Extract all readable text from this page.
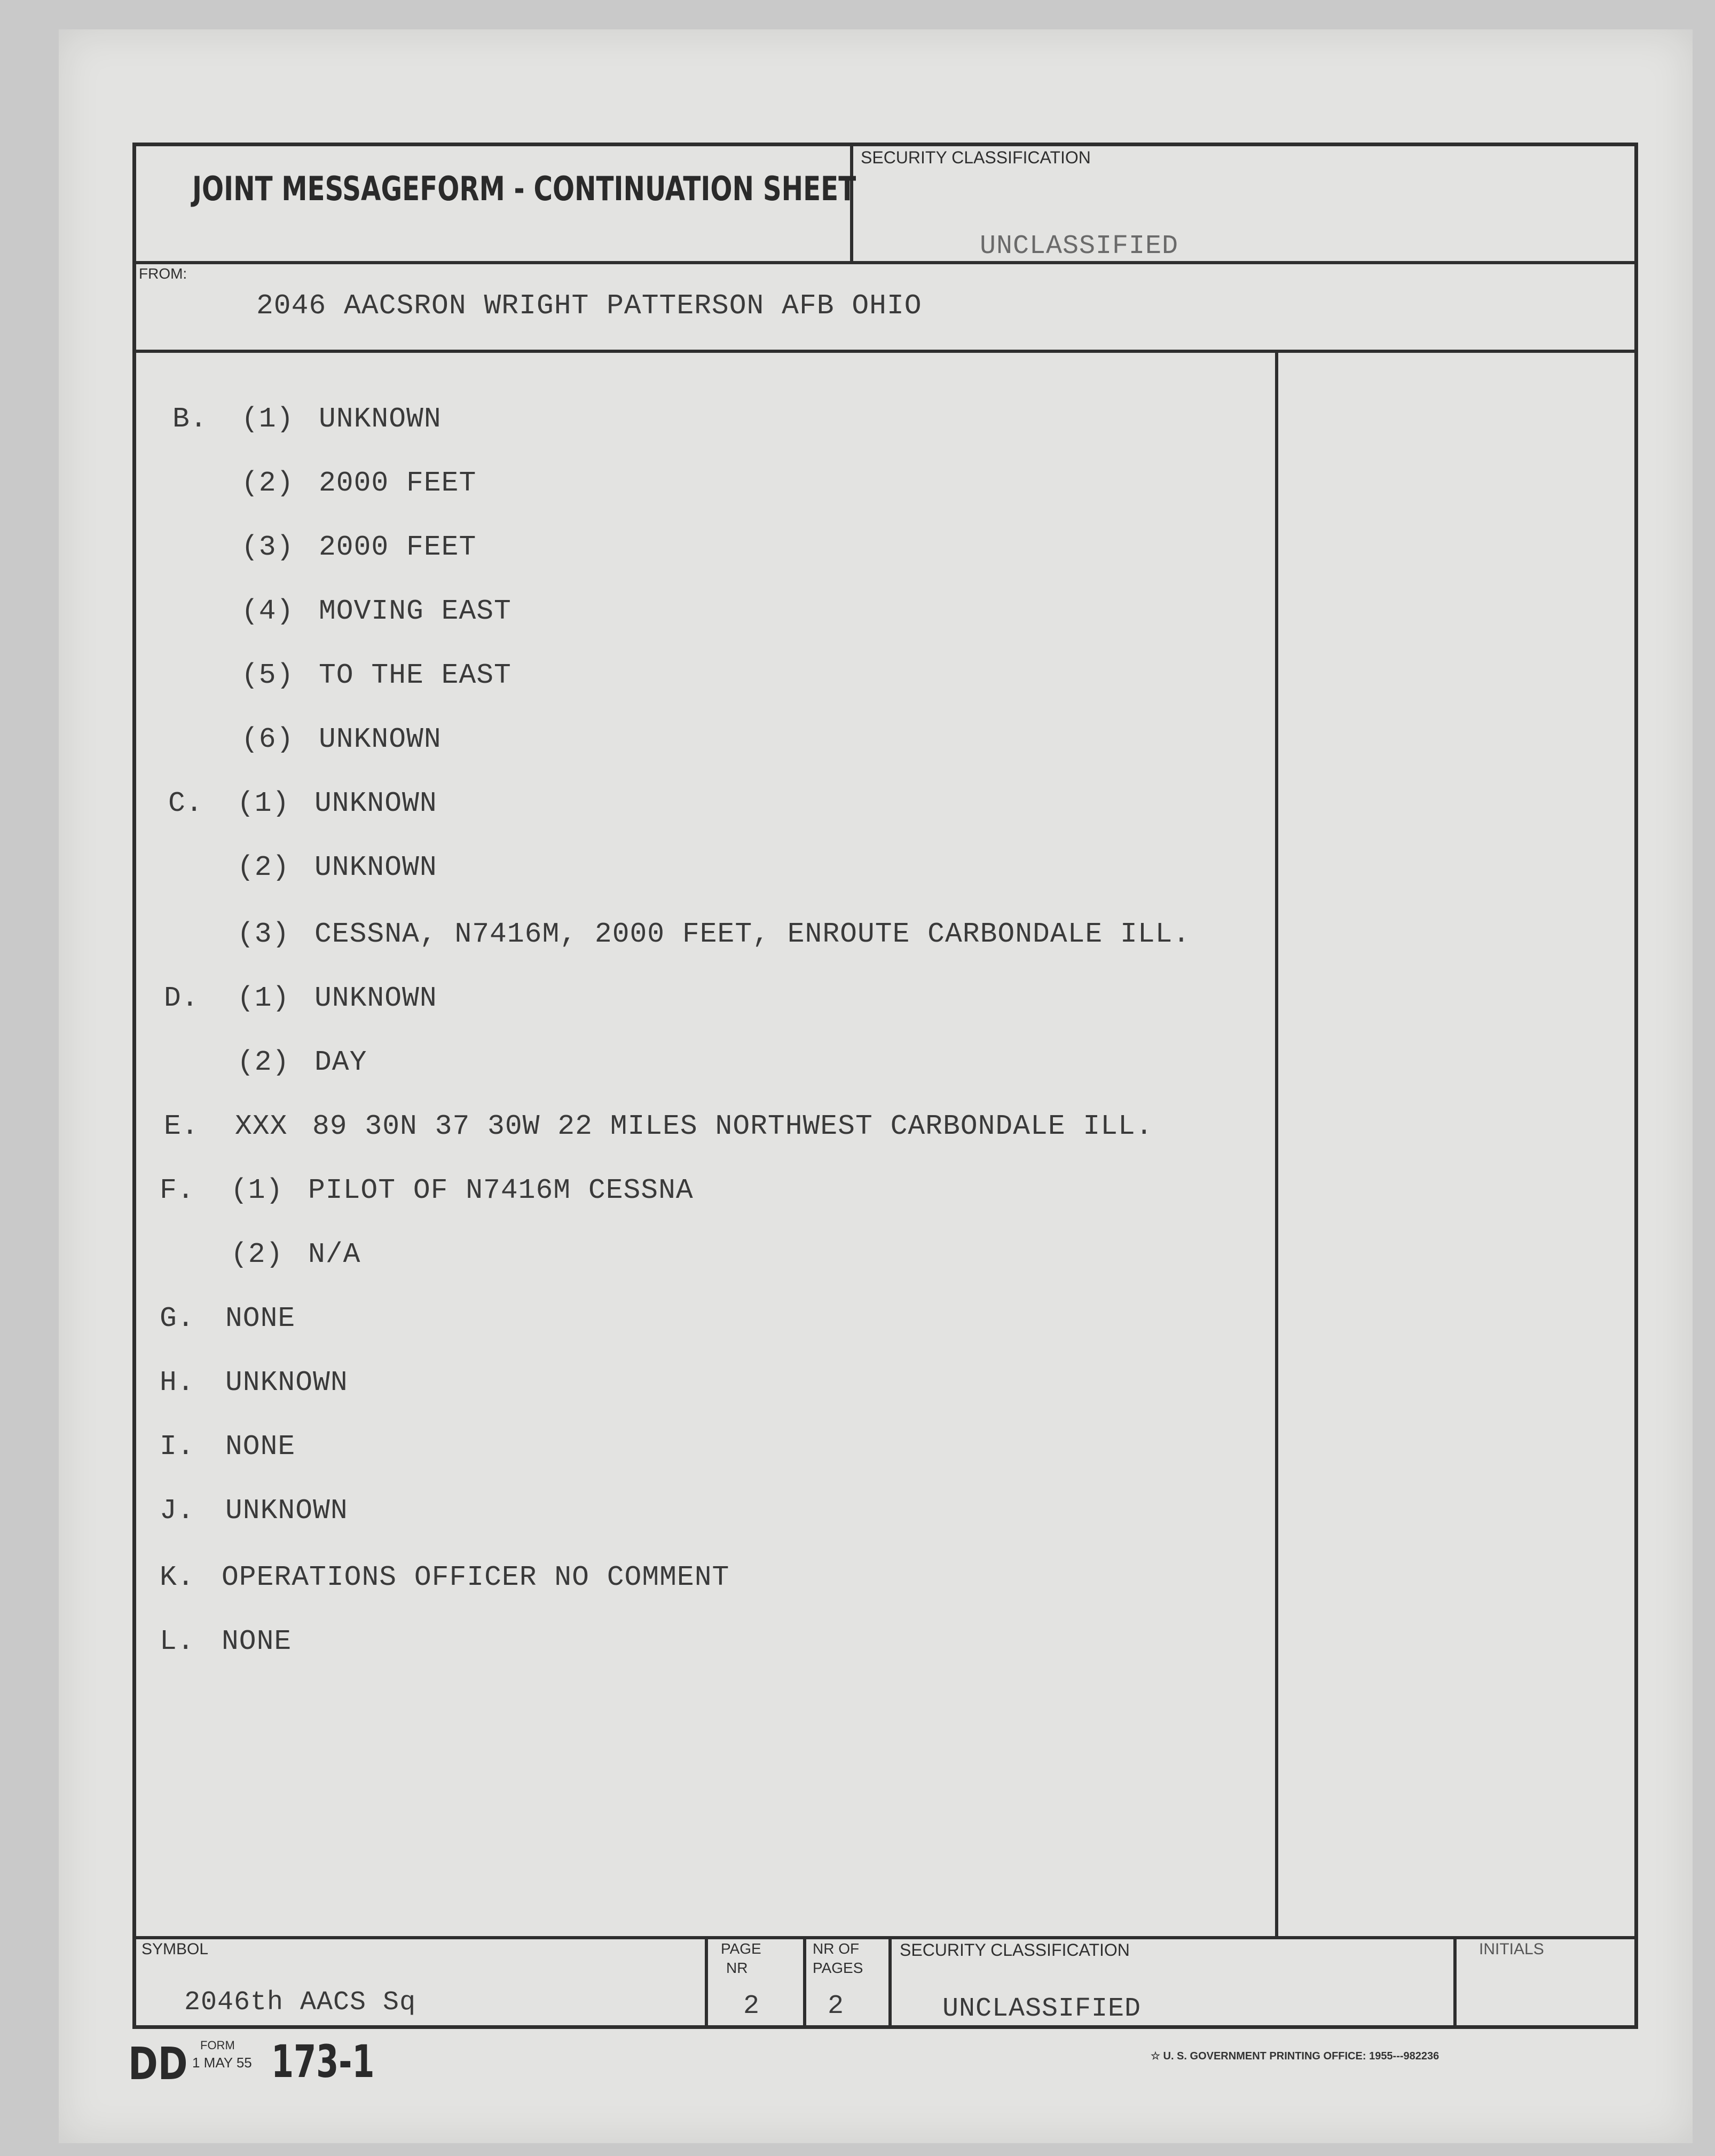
JOINT MESSAGEFORM - CONTINUATION SHEET
SECURITY CLASSIFICATION
UNCLASSIFIED
FROM:
2046 AACSRON WRIGHT PATTERSON AFB OHIO
B. (1) UNKNOWN
(2) 2000 FEET
(3) 2000 FEET
(4) MOVING EAST
(5) TO THE EAST
(6) UNKNOWN
C. (1) UNKNOWN
(2) UNKNOWN
(3) CESSNA, N7416M, 2000 FEET, ENROUTE CARBONDALE ILL.
D. (1) UNKNOWN
(2) DAY
E. XXX 89 30N 37 30W 22 MILES NORTHWEST CARBONDALE ILL.
F. (1) PILOT OF N7416M CESSNA
(2) N/A
G. NONE
H. UNKNOWN
I. NONE
J. UNKNOWN
K. OPERATIONS OFFICER NO COMMENT
L. NONE
SYMBOL
2046th AACS Sq
PAGE
NR
2
NR OF
PAGES
2
SECURITY CLASSIFICATION
UNCLASSIFIED
INITIALS
DD FORM
1 MAY 55 173-1	☆ U. S. GOVERNMENT PRINTING OFFICE: 1955---982236
